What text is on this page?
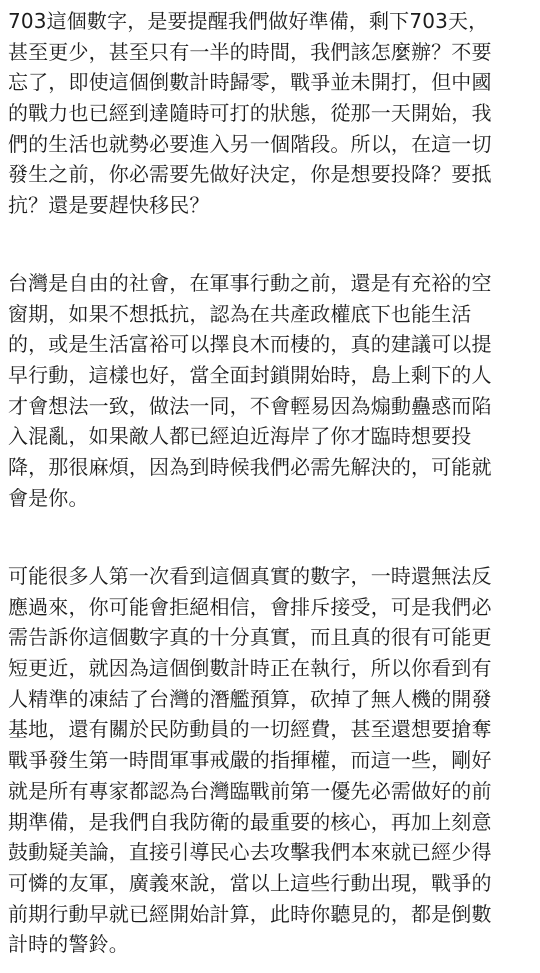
703這個數字，是要提醒我們做好準備，剩下703天，
甚至更少，甚至只有一半的時間，我們該怎麼辦？不要
忘了，即使這個倒數計時歸零，戰爭並未開打，但中國
的戰力也已經到達隨時可打的狀態，從那一天開始，我
們的生活也就勢必要進入另一個階段。所以，在這一切
發生之前，你必需要先做好決定，你是想要投降？要抵
抗？還是要趕快移民？

台灣是自由的社會，在軍事行動之前，還是有充裕的空
窗期，如果不想抵抗，認為在共產政權底下也能生活
的，或是生活富裕可以擇良木而棲的，真的建議可以提
早行動，這樣也好，當全面封鎖開始時，島上剩下的人
才會想法一致，做法一同，不會輕易因為煽動蠱惑而陷
入混亂，如果敵人都已經迫近海岸了你才臨時想要投
降，那很麻煩，因為到時候我們必需先解決的，可能就
會是你。

可能很多人第一次看到這個真實的數字，一時還無法反
應過來，你可能會拒絕相信，會排斥接受，可是我們必
需告訴你這個數字真的十分真實，而且真的很有可能更
短更近，就因為這個倒數計時正在執行，所以你看到有
人精準的凍結了台灣的潛艦預算，砍掉了無人機的開發
基地，還有關於民防動員的一切經費，甚至還想要搶奪
戰爭發生第一時間軍事戒嚴的指揮權，而這一些，剛好
就是所有專家都認為台灣臨戰前第一優先必需做好的前
期準備，是我們自我防衛的最重要的核心，再加上刻意
鼓動疑美論，直接引導民心去攻擊我們本來就已經少得
可憐的友軍，廣義來說，當以上這些行動出現，戰爭的
前期行動早就已經開始計算，此時你聽見的，都是倒數
計時的警鈴。
